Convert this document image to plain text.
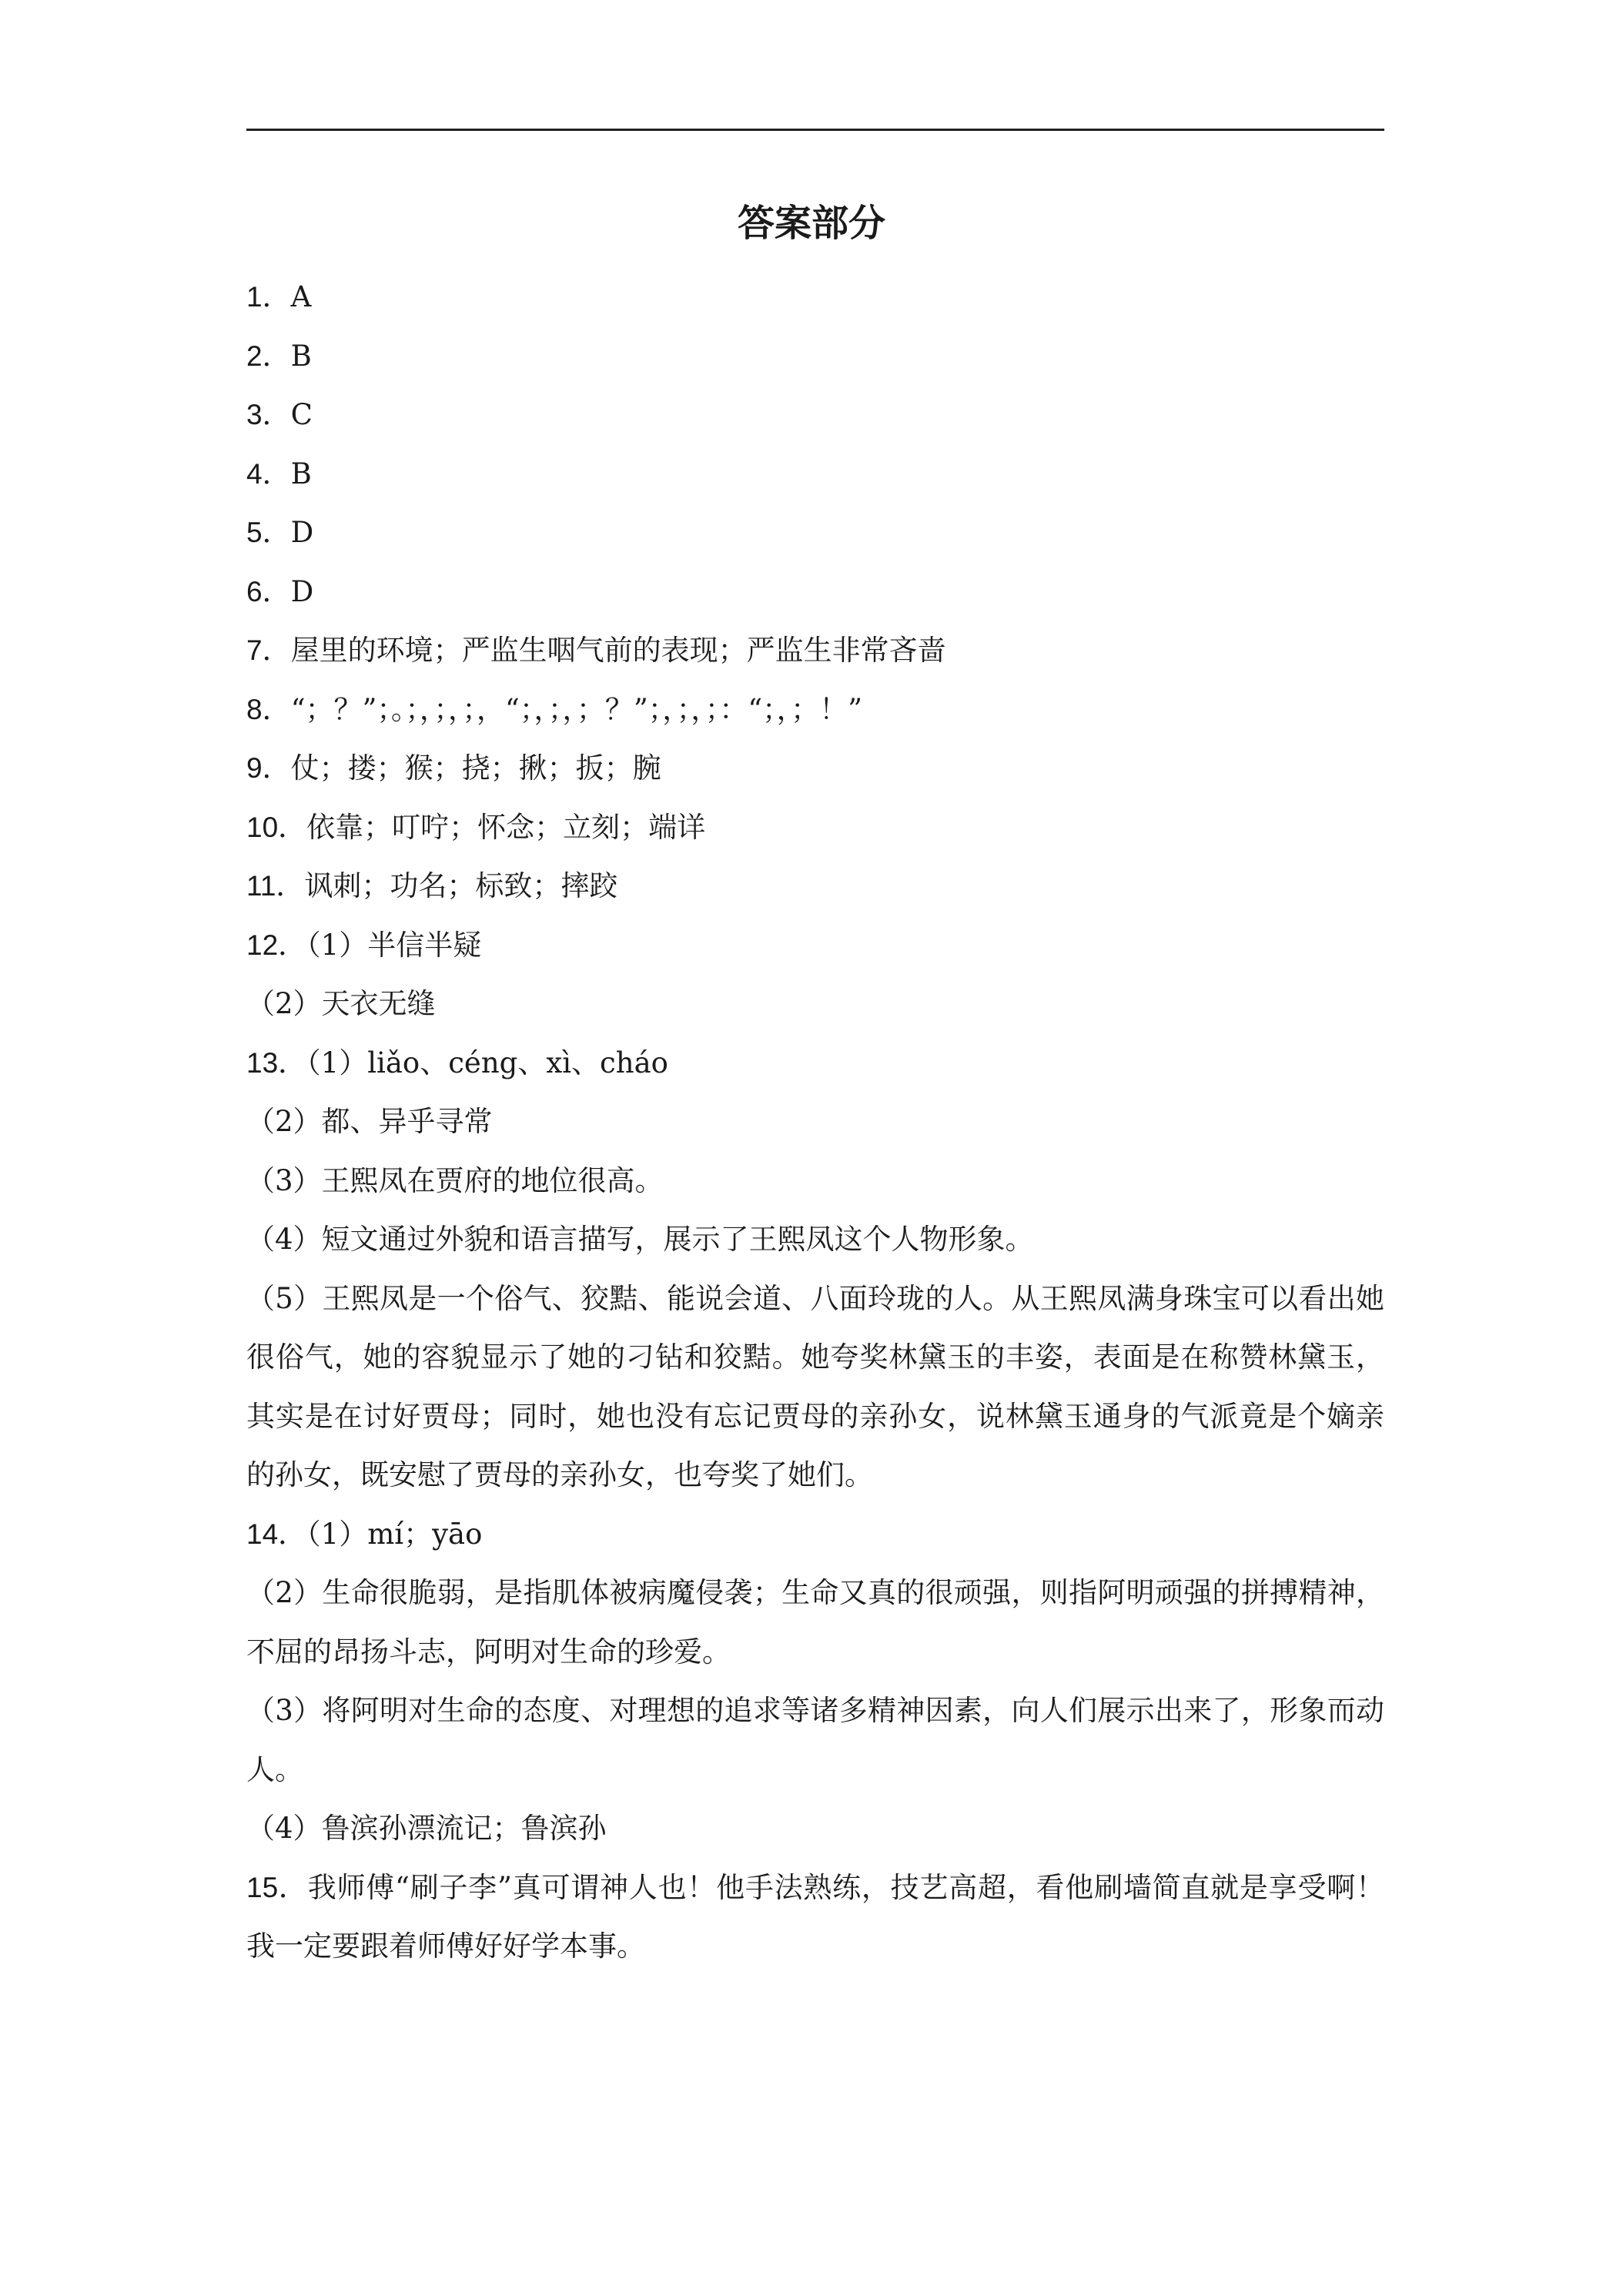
答案部分
1．A
2．B
3．C
4．B
5．D
6．D
7．屋里的环境；严监生咽气前的表现；严监生非常吝啬
8．“；？”；。；，；，；，“；，；，；？”；，；，；：“；，；！”
9．仗；搂；猴；挠；揪；扳；腕
10．依靠；叮咛；怀念；立刻；端详
11．讽刺；功名；标致；摔跤
12．（1）半信半疑
（2）天衣无缝
13．（1）liǎo、céng、xì、cháo
（2）都、异乎寻常
（3）王熙凤在贾府的地位很高。
（4）短文通过外貌和语言描写，展示了王熙凤这个人物形象。
（5）王熙凤是一个俗气、狡黠、能说会道、八面玲珑的人。从王熙凤满身珠宝可以看出她很俗气，她的容貌显示了她的刁钻和狡黠。她夸奖林黛玉的丰姿，表面是在称赞林黛玉，其实是在讨好贾母；同时，她也没有忘记贾母的亲孙女，说林黛玉通身的气派竟是个嫡亲的孙女，既安慰了贾母的亲孙女，也夸奖了她们。
14．（1）mí；yāo
（2）生命很脆弱，是指肌体被病魔侵袭；生命又真的很顽强，则指阿明顽强的拼搏精神，不屈的昂扬斗志，阿明对生命的珍爱。
（3）将阿明对生命的态度、对理想的追求等诸多精神因素，向人们展示出来了，形象而动人。
（4）鲁滨孙漂流记；鲁滨孙
15．我师傅“刷子李”真可谓神人也！他手法熟练，技艺高超，看他刷墙简直就是享受啊！我一定要跟着师傅好好学本事。
